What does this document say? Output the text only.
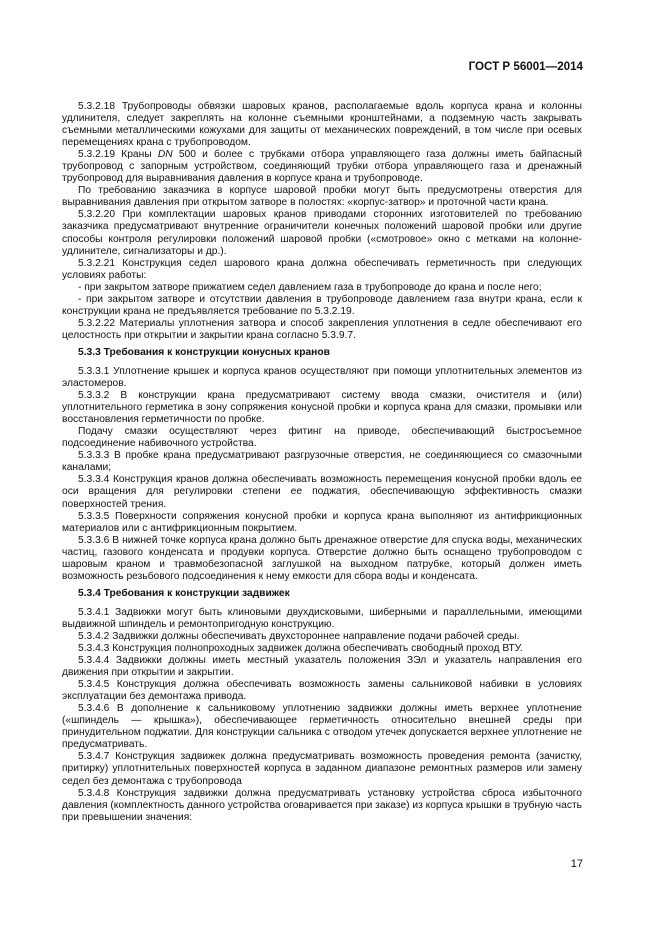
ГОСТ Р 56001—2014

5.3.2.18 Трубопроводы обвязки шаровых кранов, располагаемые вдоль корпуса крана и колонны удлинителя, следует закреплять на колонне съемными кронштейнами, а подземную часть закрывать съемными металлическими кожухами для защиты от механических повреждений, в том числе при осевых перемещениях крана с трубопроводом.

5.3.2.19 Краны DN 500 и более с трубками отбора управляющего газа должны иметь байпасный трубопровод с запорным устройством, соединяющий трубки отбора управляющего газа и дренажный трубопровод для выравнивания давления в корпусе крана и трубопроводе.

По требованию заказчика в корпусе шаровой пробки могут быть предусмотрены отверстия для выравнивания давления при открытом затворе в полостях: «корпус-затвор» и проточной части крана.

5.3.2.20 При комплектации шаровых кранов приводами сторонних изготовителей по требованию заказчика предусматривают внутренние ограничители конечных положений шаровой пробки или другие способы контроля регулировки положений шаровой пробки («смотровое» окно с метками на колонне-удлинителе, сигнализаторы и др.).

5.3.2.21 Конструкция седел шарового крана должна обеспечивать герметичность при следующих условиях работы:

- при закрытом затворе прижатием седел давлением газа в трубопроводе до крана и после него;

- при закрытом затворе и отсутствии давления в трубопроводе давлением газа внутри крана, если к конструкции крана не предъявляется требование по 5.3.2.19.

5.3.2.22 Материалы уплотнения затвора и способ закрепления уплотнения в седле обеспечивают его целостность при открытии и закрытии крана согласно 5.3.9.7.

5.3.3 Требования к конструкции конусных кранов

5.3.3.1 Уплотнение крышек и корпуса кранов осуществляют при помощи уплотнительных элементов из эластомеров.

5.3.3.2 В конструкции крана предусматривают систему ввода смазки, очистителя и (или) уплотнительного герметика в зону сопряжения конусной пробки и корпуса крана для смазки, промывки или восстановления герметичности по пробке.

Подачу смазки осуществляют через фитинг на приводе, обеспечивающий быстросъемное подсоединение набивочного устройства.

5.3.3.3 В пробке крана предусматривают разгрузочные отверстия, не соединяющиеся со смазочными каналами;

5.3.3.4 Конструкция кранов должна обеспечивать возможность перемещения конусной пробки вдоль ее оси вращения для регулировки степени ее поджатия, обеспечивающую эффективность смазки поверхностей трения.

5.3.3.5 Поверхности сопряжения конусной пробки и корпуса крана выполняют из антифрикционных материалов или с антифрикционным покрытием.

5.3.3.6 В нижней точке корпуса крана должно быть дренажное отверстие для спуска воды, механических частиц, газового конденсата и продувки корпуса. Отверстие должно быть оснащено трубопроводом с шаровым краном и травмобезопасной заглушкой на выходном патрубке, который должен иметь возможность резьбового подсоединения к нему емкости для сбора воды и конденсата.

5.3.4 Требования к конструкции задвижек

5.3.4.1 Задвижки могут быть клиновыми двухдисковыми, шиберными и параллельными, имеющими выдвижной шпиндель и ремонтопригодную конструкцию.

5.3.4.2 Задвижки должны обеспечивать двухстороннее направление подачи рабочей среды.

5.3.4.3 Конструкция полнопроходных задвижек должна обеспечивать свободный проход ВТУ.

5.3.4.4 Задвижки должны иметь местный указатель положения ЗЭл и указатель направления его движения при открытии и закрытии.

5.3.4.5 Конструкция должна обеспечивать возможность замены сальниковой набивки в условиях эксплуатации без демонтажа привода.

5.3.4.6 В дополнение к сальниковому уплотнению задвижки должны иметь верхнее уплотнение («шпиндель — крышка»), обеспечивающее герметичность относительно внешней среды при принудительном поджатии. Для конструкции сальника с отводом утечек допускается верхнее уплотнение не предусматривать.

5.3.4.7 Конструкция задвижек должна предусматривать возможность проведения ремонта (зачистку, притирку) уплотнительных поверхностей корпуса в заданном диапазоне ремонтных размеров или замену седел без демонтажа с трубопровода

5.3.4.8 Конструкция задвижки должна предусматривать установку устройства сброса избыточного давления (комплектность данного устройства оговаривается при заказе) из корпуса крышки в трубную часть при превышении значения:

17
